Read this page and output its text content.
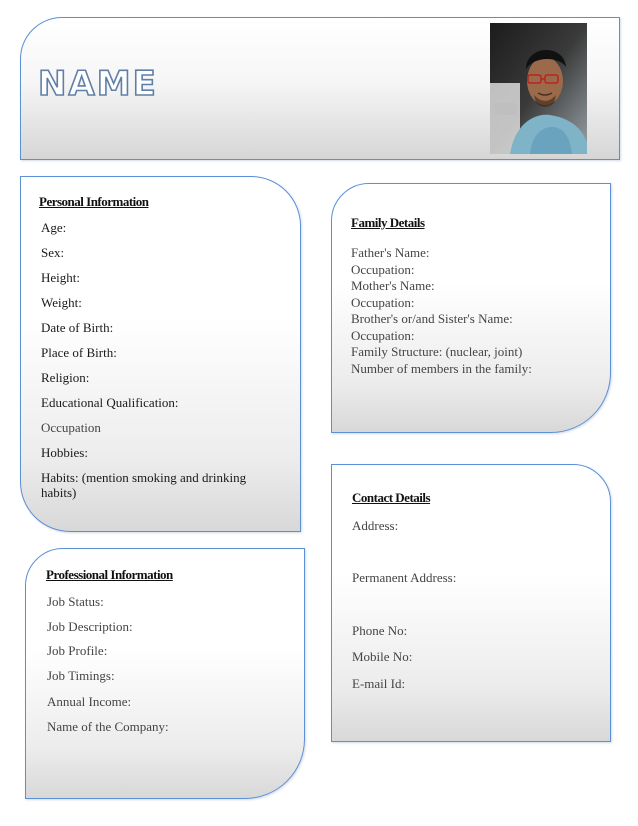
NAME
Personal Information

Age:

Sex:

Height:

Weight:

Date of Birth:

Place of Birth:

Religion:

Educational Qualification:

Occupation

Hobbies:

Habits: (mention smoking and drinking habits)

Family Details
Father's Name:
Occupation:
Mother's Name:
Occupation:
Brother's or/and Sister's Name:
Occupation:
Family Structure: (nuclear, joint)
Number of members in the family:
Contact Details

Address:

Permanent Address:

Phone No:

Mobile No:

E-mail Id:

Professional Information

Job Status:

Job Description:

Job Profile:

Job Timings:

Annual Income:

Name of the Company:
